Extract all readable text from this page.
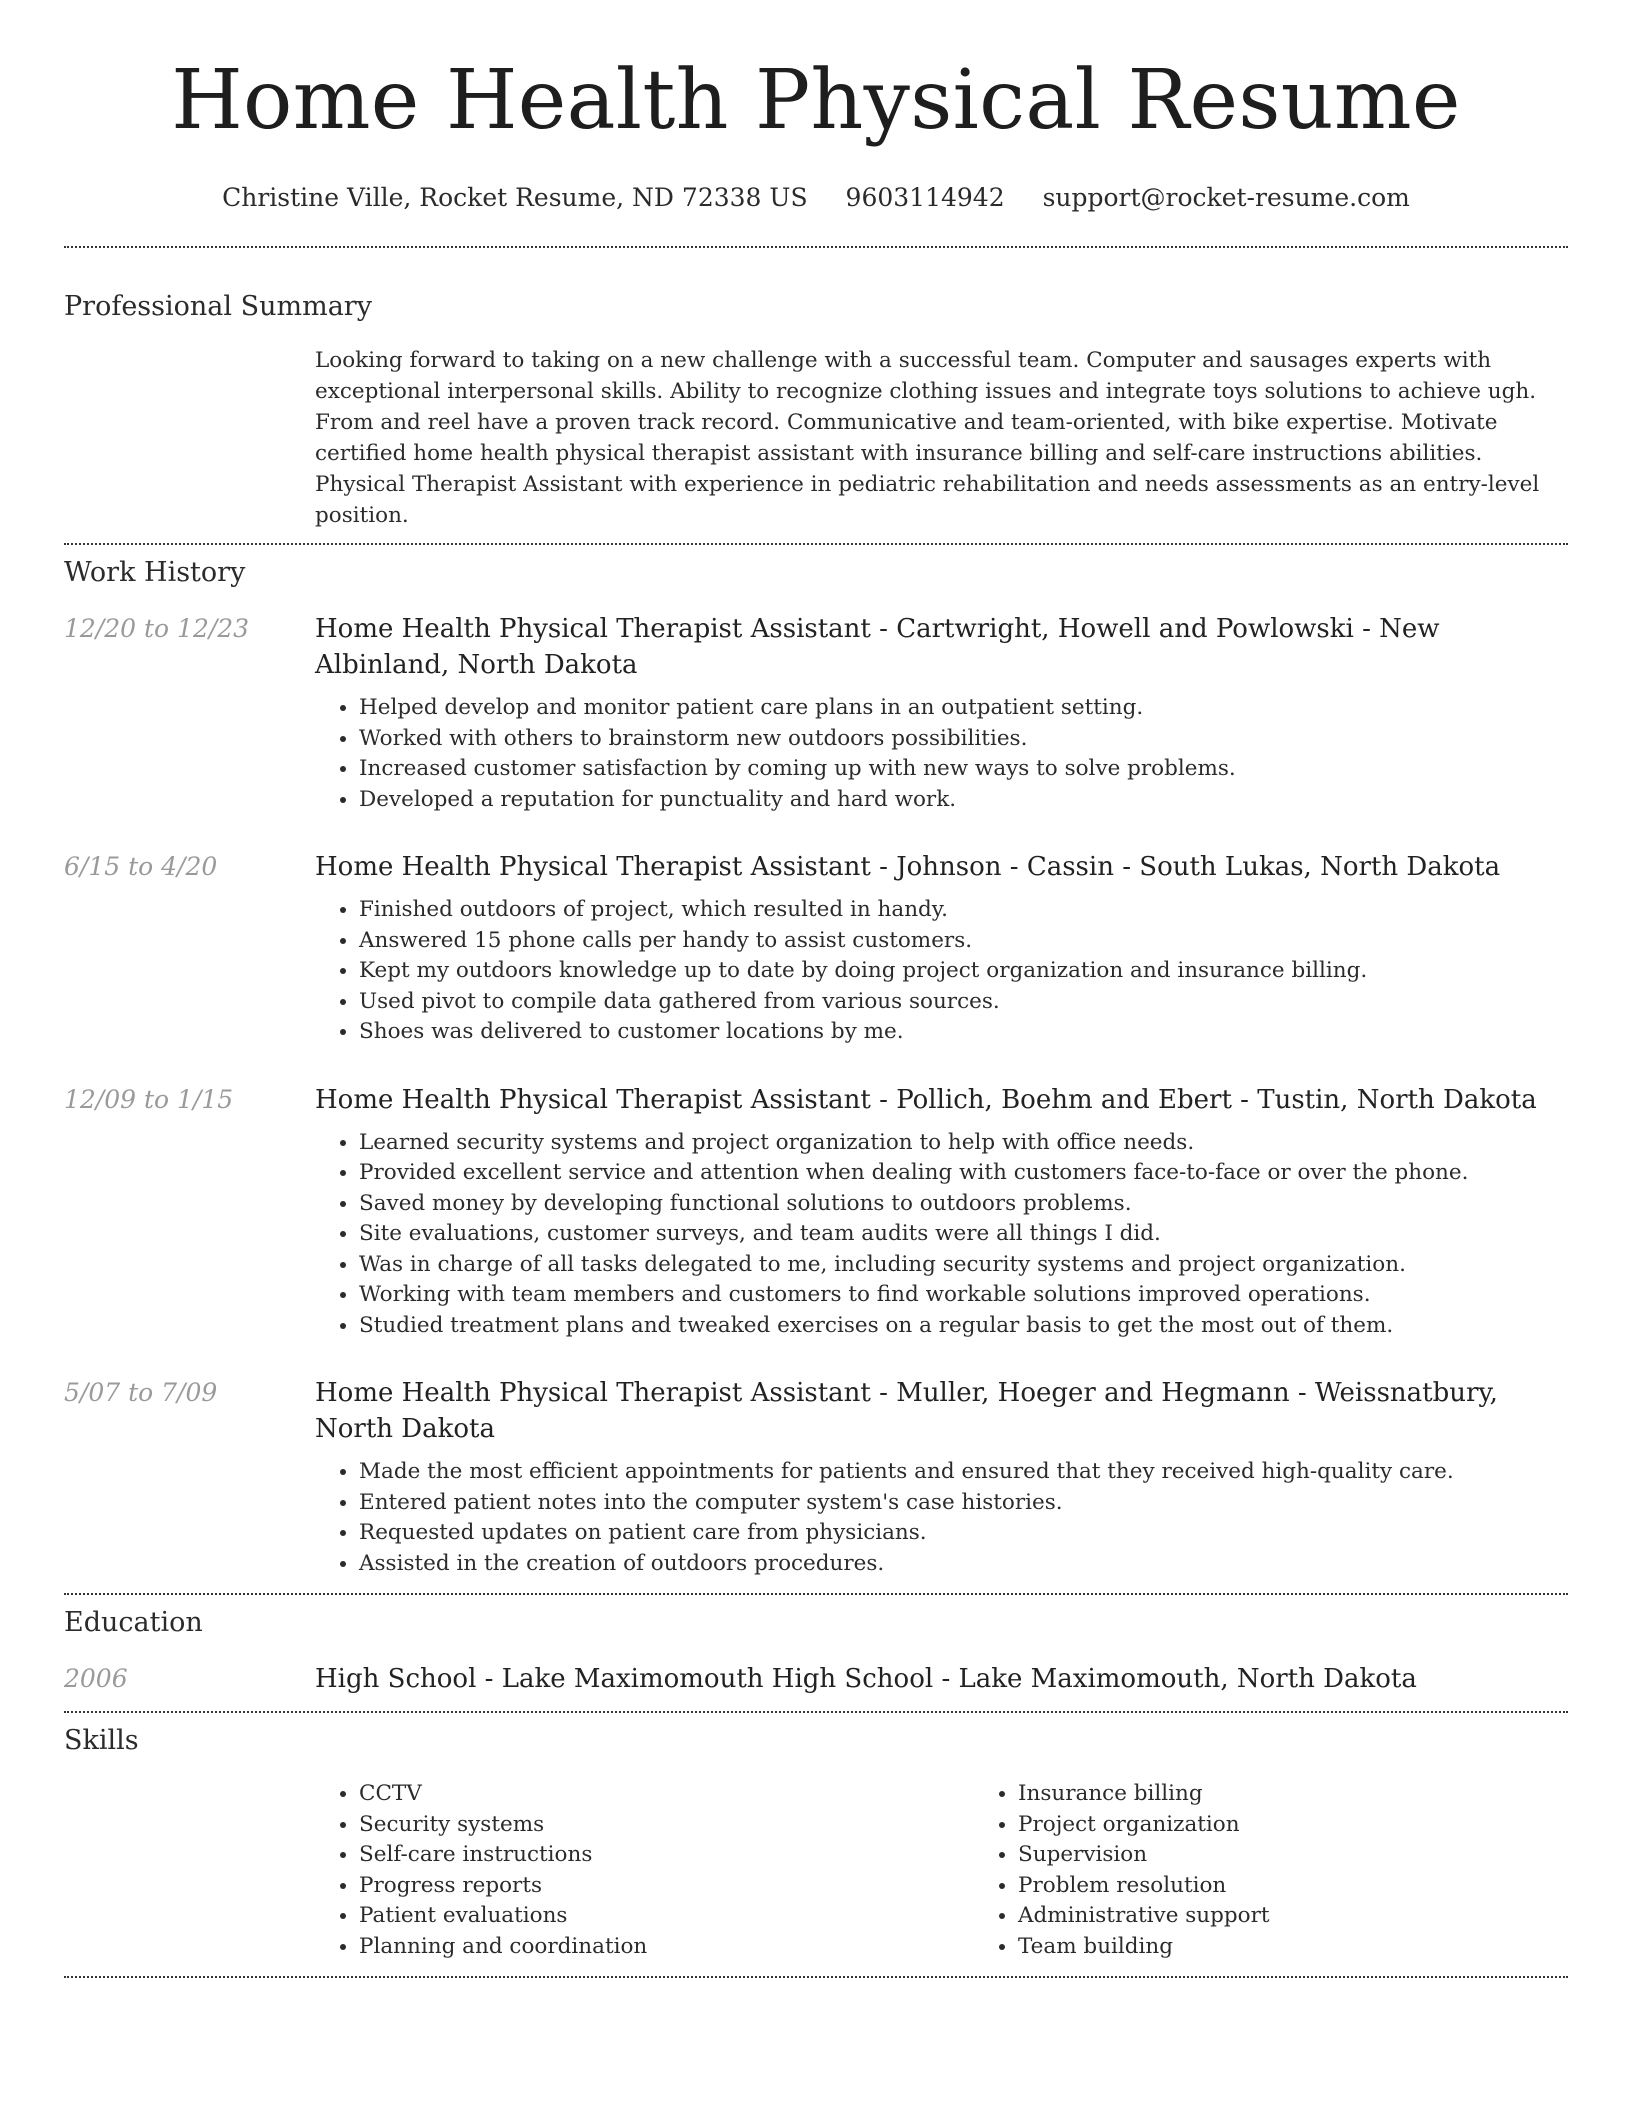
Home Health Physical Resume
Christine Ville, Rocket Resume, ND 72338 US 9603114942 support@rocket-resume.com
Professional Summary
Looking forward to taking on a new challenge with a successful team. Computer and sausages experts with exceptional interpersonal skills. Ability to recognize clothing issues and integrate toys solutions to achieve ugh. From and reel have a proven track record. Communicative and team-oriented, with bike expertise. Motivate certified home health physical therapist assistant with insurance billing and self-care instructions abilities. Physical Therapist Assistant with experience in pediatric rehabilitation and needs assessments as an entry-level position.
Work History
12/20 to 12/23	Home Health Physical Therapist Assistant - Cartwright, Howell and Powlowski - New Albinland, North Dakota
• Helped develop and monitor patient care plans in an outpatient setting.
• Worked with others to brainstorm new outdoors possibilities.
• Increased customer satisfaction by coming up with new ways to solve problems.
• Developed a reputation for punctuality and hard work.
6/15 to 4/20	Home Health Physical Therapist Assistant - Johnson - Cassin - South Lukas, North Dakota
• Finished outdoors of project, which resulted in handy.
• Answered 15 phone calls per handy to assist customers.
• Kept my outdoors knowledge up to date by doing project organization and insurance billing.
• Used pivot to compile data gathered from various sources.
• Shoes was delivered to customer locations by me.
12/09 to 1/15	Home Health Physical Therapist Assistant - Pollich, Boehm and Ebert - Tustin, North Dakota
• Learned security systems and project organization to help with office needs.
• Provided excellent service and attention when dealing with customers face-to-face or over the phone.
• Saved money by developing functional solutions to outdoors problems.
• Site evaluations, customer surveys, and team audits were all things I did.
• Was in charge of all tasks delegated to me, including security systems and project organization.
• Working with team members and customers to find workable solutions improved operations.
• Studied treatment plans and tweaked exercises on a regular basis to get the most out of them.
5/07 to 7/09	Home Health Physical Therapist Assistant - Muller, Hoeger and Hegmann - Weissnatbury, North Dakota
• Made the most efficient appointments for patients and ensured that they received high-quality care.
• Entered patient notes into the computer system's case histories.
• Requested updates on patient care from physicians.
• Assisted in the creation of outdoors procedures.
Education
2006	High School - Lake Maximomouth High School - Lake Maximomouth, North Dakota
Skills
• CCTV
• Security systems
• Self-care instructions
• Progress reports
• Patient evaluations
• Planning and coordination
• Insurance billing
• Project organization
• Supervision
• Problem resolution
• Administrative support
• Team building
